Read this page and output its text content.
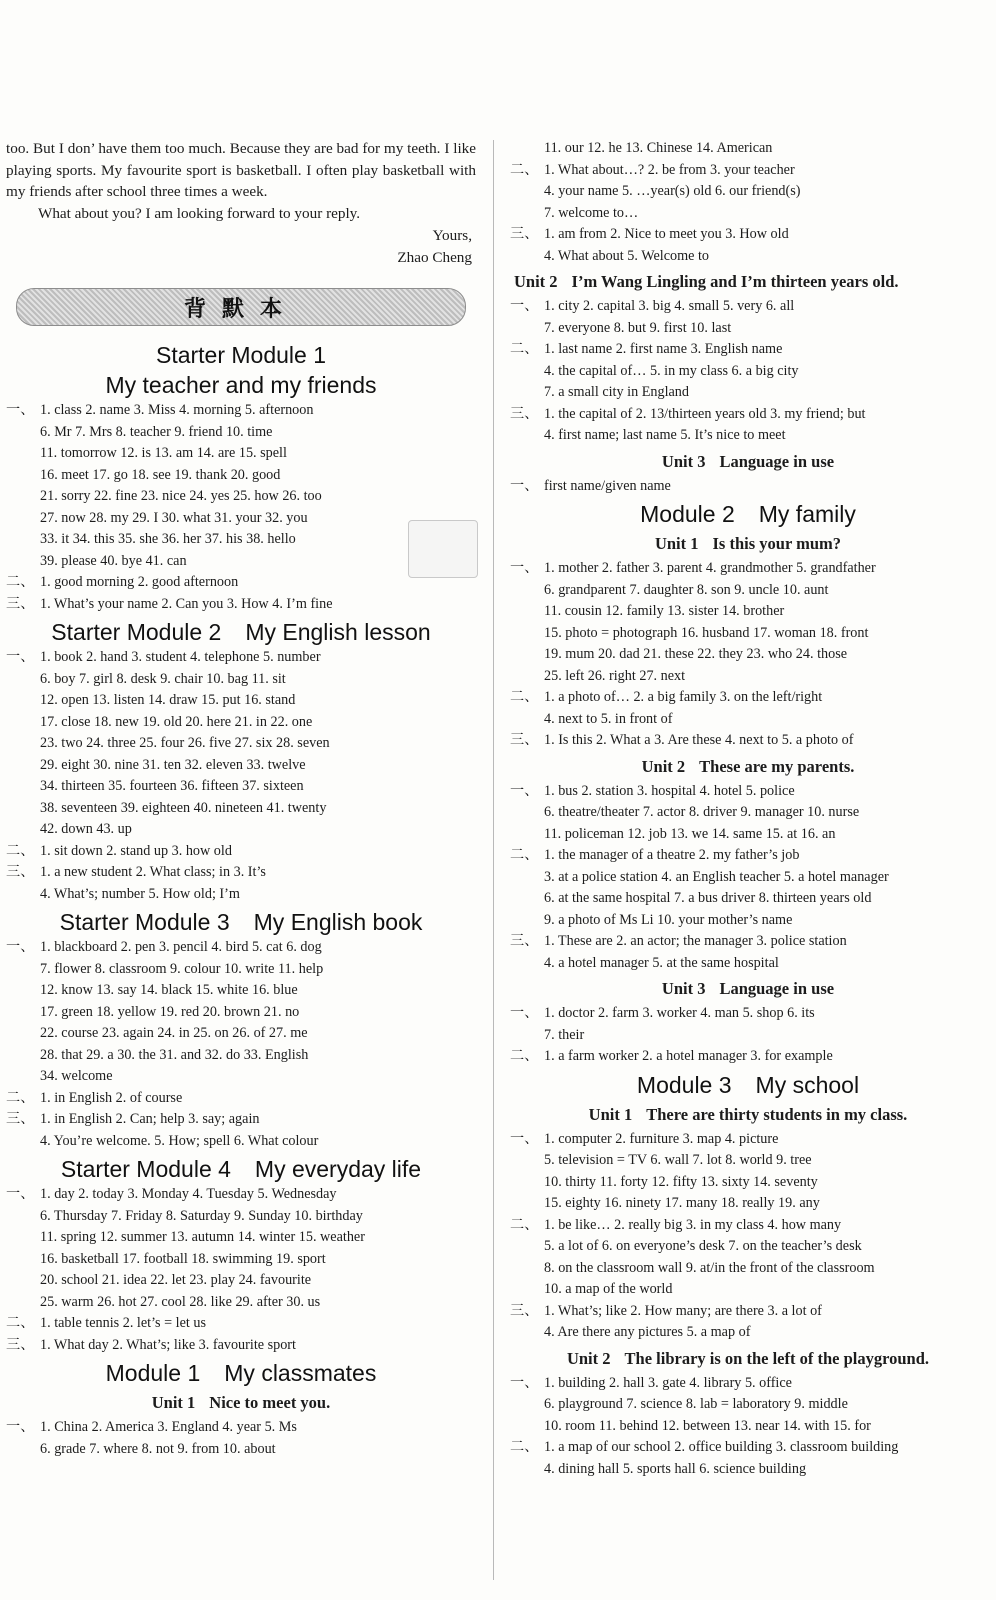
too. But I don’ have them too much. Because they are bad for my teeth. I like playing sports. My favourite sport is basketball. I often play basketball with my friends after school three times a week.

What about you? I am looking forward to your reply.

Yours,
Zhao Cheng
背默本
Starter Module 1
My teacher and my friends
一、 1. class 2. name 3. Miss 4. morning 5. afternoon
6. Mr 7. Mrs 8. teacher 9. friend 10. time
11. tomorrow 12. is 13. am 14. are 15. spell
16. meet 17. go 18. see 19. thank 20. good
21. sorry 22. fine 23. nice 24. yes 25. how 26. too
27. now 28. my 29. I 30. what 31. your 32. you
33. it 34. this 35. she 36. her 37. his 38. hello
39. please 40. bye 41. can
二、 1. good morning 2. good afternoon
三、 1. What’s your name 2. Can you 3. How 4. I’m fine
Starter Module 2 My English lesson
一、 1. book 2. hand 3. student 4. telephone 5. number
6. boy 7. girl 8. desk 9. chair 10. bag 11. sit
12. open 13. listen 14. draw 15. put 16. stand
17. close 18. new 19. old 20. here 21. in 22. one
23. two 24. three 25. four 26. five 27. six 28. seven
29. eight 30. nine 31. ten 32. eleven 33. twelve
34. thirteen 35. fourteen 36. fifteen 37. sixteen
38. seventeen 39. eighteen 40. nineteen 41. twenty
42. down 43. up
二、 1. sit down 2. stand up 3. how old
三、 1. a new student 2. What class; in 3. It’s
4. What’s; number 5. How old; I’m
Starter Module 3 My English book
一、 1. blackboard 2. pen 3. pencil 4. bird 5. cat 6. dog
7. flower 8. classroom 9. colour 10. write 11. help
12. know 13. say 14. black 15. white 16. blue
17. green 18. yellow 19. red 20. brown 21. no
22. course 23. again 24. in 25. on 26. of 27. me
28. that 29. a 30. the 31. and 32. do 33. English
34. welcome
二、 1. in English 2. of course
三、 1. in English 2. Can; help 3. say; again
4. You’re welcome. 5. How; spell 6. What colour
Starter Module 4 My everyday life
一、 1. day 2. today 3. Monday 4. Tuesday 5. Wednesday
6. Thursday 7. Friday 8. Saturday 9. Sunday 10. birthday
11. spring 12. summer 13. autumn 14. winter 15. weather
16. basketball 17. football 18. swimming 19. sport
20. school 21. idea 22. let 23. play 24. favourite
25. warm 26. hot 27. cool 28. like 29. after 30. us
二、 1. table tennis 2. let’s = let us
三、 1. What day 2. What’s; like 3. favourite sport
Module 1 My classmates
Unit 1 Nice to meet you.
一、 1. China 2. America 3. England 4. year 5. Ms
6. grade 7. where 8. not 9. from 10. about
11. our 12. he 13. Chinese 14. American
二、 1. What about…? 2. be from 3. your teacher
4. your name 5. …year(s) old 6. our friend(s)
7. welcome to…
三、 1. am from 2. Nice to meet you 3. How old
4. What about 5. Welcome to
Unit 2 I’m Wang Lingling and I’m thirteen years old.
一、 1. city 2. capital 3. big 4. small 5. very 6. all
7. everyone 8. but 9. first 10. last
二、 1. last name 2. first name 3. English name
4. the capital of… 5. in my class 6. a big city
7. a small city in England
三、 1. the capital of 2. 13/thirteen years old 3. my friend; but
4. first name; last name 5. It’s nice to meet
Unit 3 Language in use
一、 first name/given name
Module 2 My family
Unit 1 Is this your mum?
一、 1. mother 2. father 3. parent 4. grandmother 5. grandfather
6. grandparent 7. daughter 8. son 9. uncle 10. aunt
11. cousin 12. family 13. sister 14. brother
15. photo = photograph 16. husband 17. woman 18. front
19. mum 20. dad 21. these 22. they 23. who 24. those
25. left 26. right 27. next
二、 1. a photo of… 2. a big family 3. on the left/right
4. next to 5. in front of
三、 1. Is this 2. What a 3. Are these 4. next to 5. a photo of
Unit 2 These are my parents.
一、 1. bus 2. station 3. hospital 4. hotel 5. police
6. theatre/theater 7. actor 8. driver 9. manager 10. nurse
11. policeman 12. job 13. we 14. same 15. at 16. an
二、 1. the manager of a theatre 2. my father’s job
3. at a police station 4. an English teacher 5. a hotel manager
6. at the same hospital 7. a bus driver 8. thirteen years old
9. a photo of Ms Li 10. your mother’s name
三、 1. These are 2. an actor; the manager 3. police station
4. a hotel manager 5. at the same hospital
Unit 3 Language in use
一、 1. doctor 2. farm 3. worker 4. man 5. shop 6. its
7. their
二、 1. a farm worker 2. a hotel manager 3. for example
Module 3 My school
Unit 1 There are thirty students in my class.
一、 1. computer 2. furniture 3. map 4. picture
5. television = TV 6. wall 7. lot 8. world 9. tree
10. thirty 11. forty 12. fifty 13. sixty 14. seventy
15. eighty 16. ninety 17. many 18. really 19. any
二、 1. be like… 2. really big 3. in my class 4. how many
5. a lot of 6. on everyone’s desk 7. on the teacher’s desk
8. on the classroom wall 9. at/in the front of the classroom
10. a map of the world
三、 1. What’s; like 2. How many; are there 3. a lot of
4. Are there any pictures 5. a map of
Unit 2 The library is on the left of the playground.
一、 1. building 2. hall 3. gate 4. library 5. office
6. playground 7. science 8. lab = laboratory 9. middle
10. room 11. behind 12. between 13. near 14. with 15. for
二、 1. a map of our school 2. office building 3. classroom building
4. dining hall 5. sports hall 6. science building
